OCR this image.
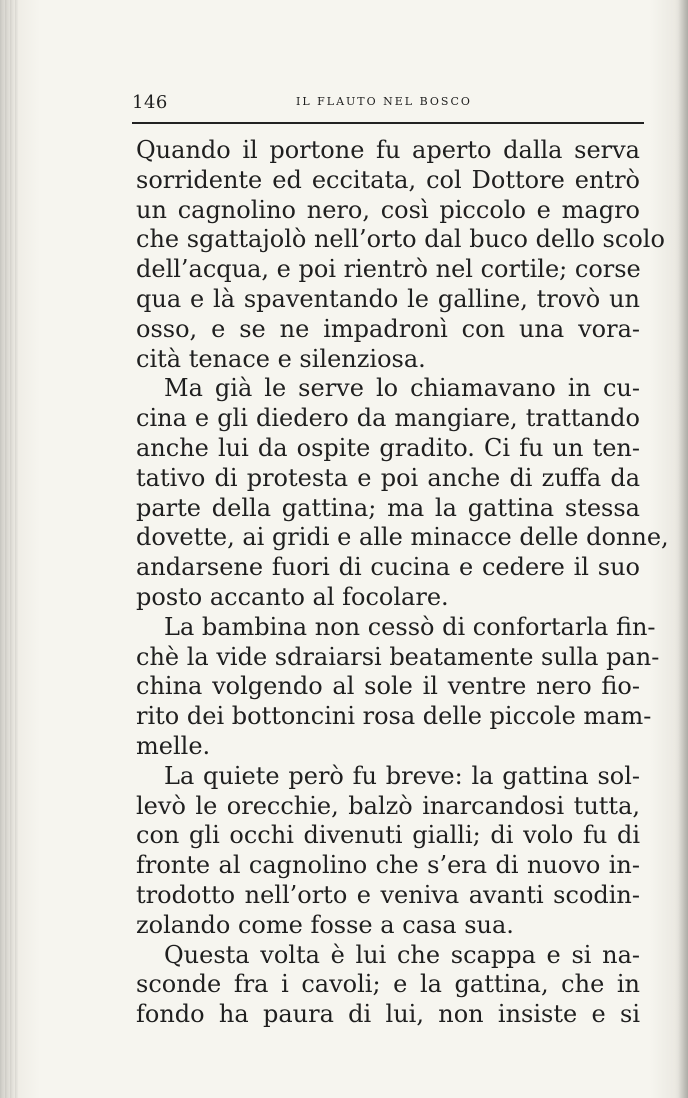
146	IL FLAUTO NEL BOSCO
Quando il portone fu aperto dalla serva
sorridente ed eccitata, col Dottore entrò
un cagnolino nero, così piccolo e magro
che sgattajolò nell’orto dal buco dello scolo
dell’acqua, e poi rientrò nel cortile; corse
qua e là spaventando le galline, trovò un
osso, e se ne impadronì con una vora-
cità tenace e silenziosa.
Ma già le serve lo chiamavano in cu-
cina e gli diedero da mangiare, trattando
anche lui da ospite gradito. Ci fu un ten-
tativo di protesta e poi anche di zuffa da
parte della gattina; ma la gattina stessa
dovette, ai gridi e alle minacce delle donne,
andarsene fuori di cucina e cedere il suo
posto accanto al focolare.
La bambina non cessò di confortarla fin-
chè la vide sdraiarsi beatamente sulla pan-
china volgendo al sole il ventre nero fio-
rito dei bottoncini rosa delle piccole mam-
melle.
La quiete però fu breve: la gattina sol-
levò le orecchie, balzò inarcandosi tutta,
con gli occhi divenuti gialli; di volo fu di
fronte al cagnolino che s’era di nuovo in-
trodotto nell’orto e veniva avanti scodin-
zolando come fosse a casa sua.
Questa volta è lui che scappa e si na-
sconde fra i cavoli; e la gattina, che in
fondo ha paura di lui, non insiste e si
